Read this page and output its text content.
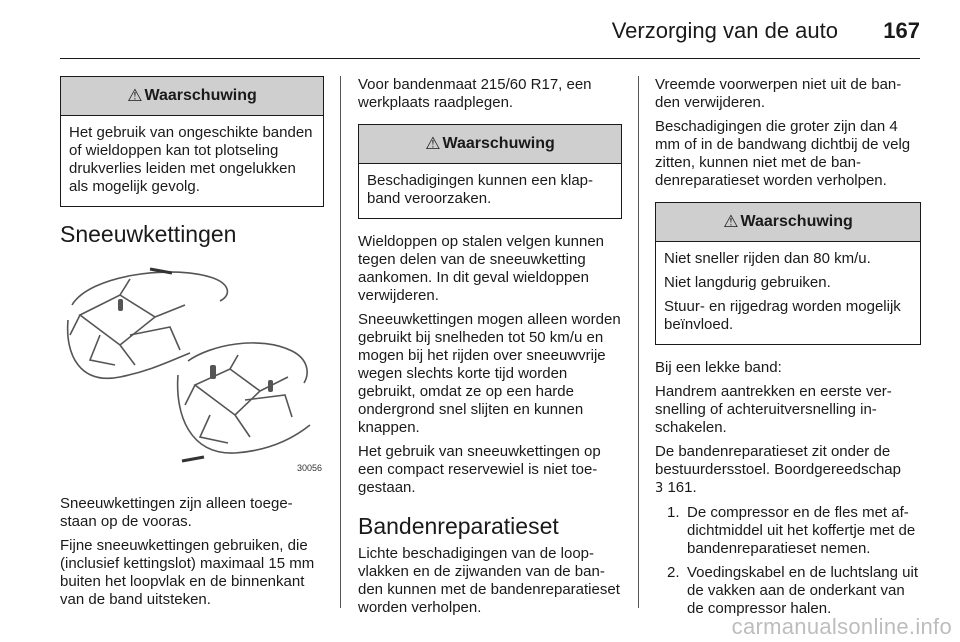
Verzorging van de auto 167
⚠ Waarschuwing

Het gebruik van ongeschikte banden of wieldoppen kan tot plotseling drukverlies leiden met ongelukken als mogelijk gevolg.

Sneeuwkettingen
30056

Sneeuwkettingen zijn alleen toegestaan op de vooras.

Fijne sneeuwkettingen gebruiken, die (inclusief kettingslot) maximaal 15 mm buiten het loopvlak en de binnenkant van de band uitsteken.

Voor bandenmaat 215/60 R17, een werkplaats raadplegen.

⚠ Waarschuwing

Beschadigingen kunnen een klapband veroorzaken.

Wieldoppen op stalen velgen kunnen tegen delen van de sneeuwketting aankomen. In dit geval wieldoppen verwijderen.

Sneeuwkettingen mogen alleen worden gebruikt bij snelheden tot 50 km/u en mogen bij het rijden over sneeuwvrije wegen slechts korte tijd worden gebruikt, omdat ze op een harde ondergrond snel slijten en kunnen knappen.

Het gebruik van sneeuwkettingen op een compact reservewiel is niet toegestaan.

Bandenreparatieset

Lichte beschadigingen van de loopvlakken en de zijwanden van de banden kunnen met de bandenreparatieset worden verholpen.

Vreemde voorwerpen niet uit de banden verwijderen.

Beschadigingen die groter zijn dan 4 mm of in de bandwang dichtbij de velg zitten, kunnen niet met de bandenreparatieset worden verholpen.

⚠ Waarschuwing

Niet sneller rijden dan 80 km/u.

Niet langdurig gebruiken.

Stuur- en rijgedrag worden mogelijk beïnvloed.

Bij een lekke band:

Handrem aantrekken en eerste versnelling of achteruitversnelling inschakelen.

De bandenreparatieset zit onder de bestuurdersstoel. Boordgereedschap
3 161.

1. De compressor en de fles met afdichtmiddel uit het koffertje met de bandenreparatieset nemen.
2. Voedingskabel en de luchtslang uit de vakken aan de onderkant van de compressor halen.
carmanualsonline.info
